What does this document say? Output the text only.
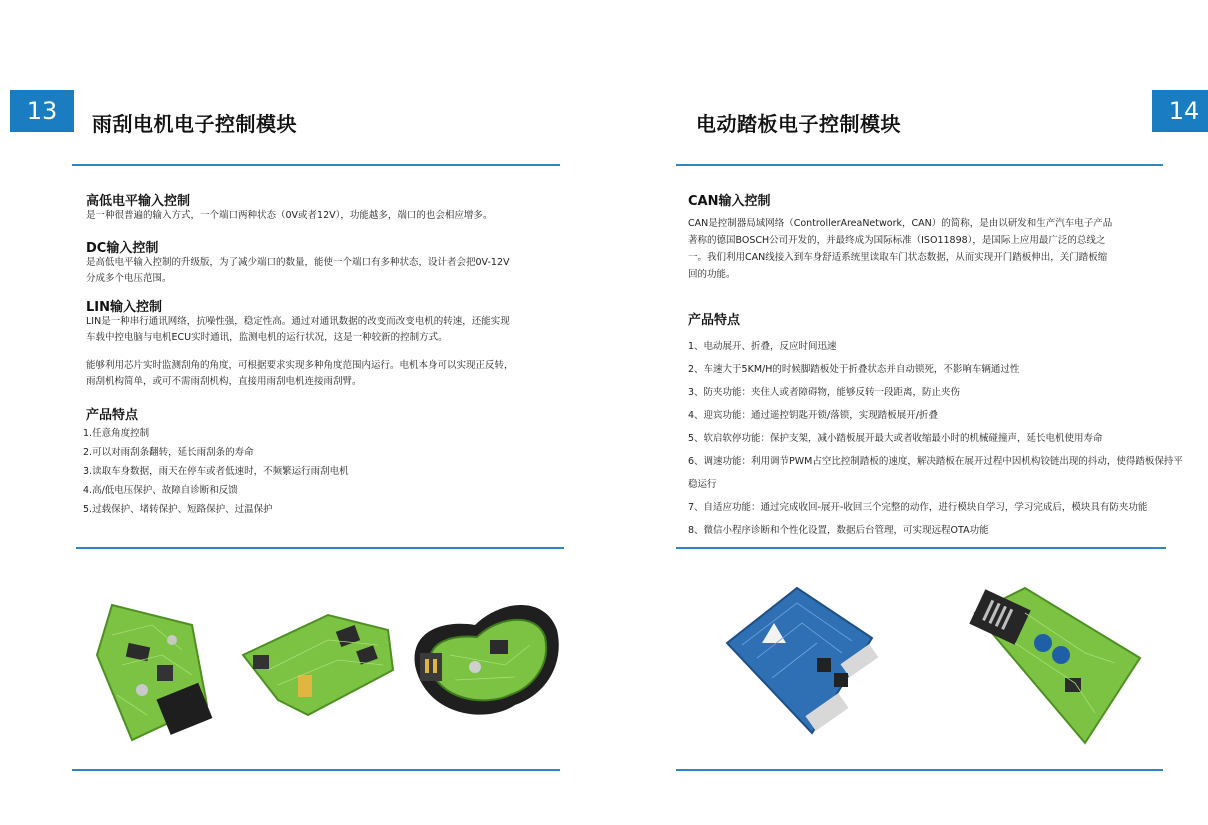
13	雨刮电机电子控制模块
高低电平输入控制
是一种很普遍的输入方式，一个端口两种状态（0V或者12V），功能越多，端口的也会相应增多。
DC输入控制
是高低电平输入控制的升级版，为了减少端口的数量，能使一个端口有多种状态，设计者会把0V-12V分成多个电压范围。
LIN输入控制
LIN是一种串行通讯网络，抗噪性强，稳定性高。通过对通讯数据的改变而改变电机的转速，还能实现车载中控电脑与电机ECU实时通讯，监测电机的运行状况，这是一种较新的控制方式。
能够利用芯片实时监测刮角的角度，可根据要求实现多种角度范围内运行。电机本身可以实现正反转，雨刮机构简单，或可不需雨刮机构，直接用雨刮电机连接雨刮臂。
产品特点
1.任意角度控制
2.可以对雨刮条翻转，延长雨刮条的寿命
3.读取车身数据，雨天在停车或者低速时，不频繁运行雨刮电机
4.高/低电压保护、故障自诊断和反馈
5.过载保护、堵转保护、短路保护、过温保护
14
电动踏板电子控制模块
CAN输入控制
CAN是控制器局域网络（ControllerAreaNetwork，CAN）的简称，是由以研发和生产汽车电子产品著称的德国BOSCH公司开发的，并最终成为国际标准（ISO11898），是国际上应用最广泛的总线之一。我们利用CAN线接入到车身舒适系统里读取车门状态数据，从而实现开门踏板伸出，关门踏板缩回的功能。
产品特点
1、电动展开、折叠，反应时间迅速
2、车速大于5KM/H的时候脚踏板处于折叠状态并自动锁死，不影响车辆通过性
3、防夹功能：夹住人或者障碍物，能够反转一段距离，防止夹伤
4、迎宾功能：通过遥控钥匙开锁/落锁，实现踏板展开/折叠
5、软启软停功能：保护支架，减小踏板展开最大或者收缩最小时的机械碰撞声，延长电机使用寿命
6、调速功能：利用调节PWM占空比控制踏板的速度，解决踏板在展开过程中因机构铰链出现的抖动，使得踏板保持平稳运行
7、自适应功能：通过完成收回-展开-收回三个完整的动作，进行模块自学习，学习完成后，模块具有防夹功能
8、微信小程序诊断和个性化设置，数据后台管理，可实现远程OTA功能
